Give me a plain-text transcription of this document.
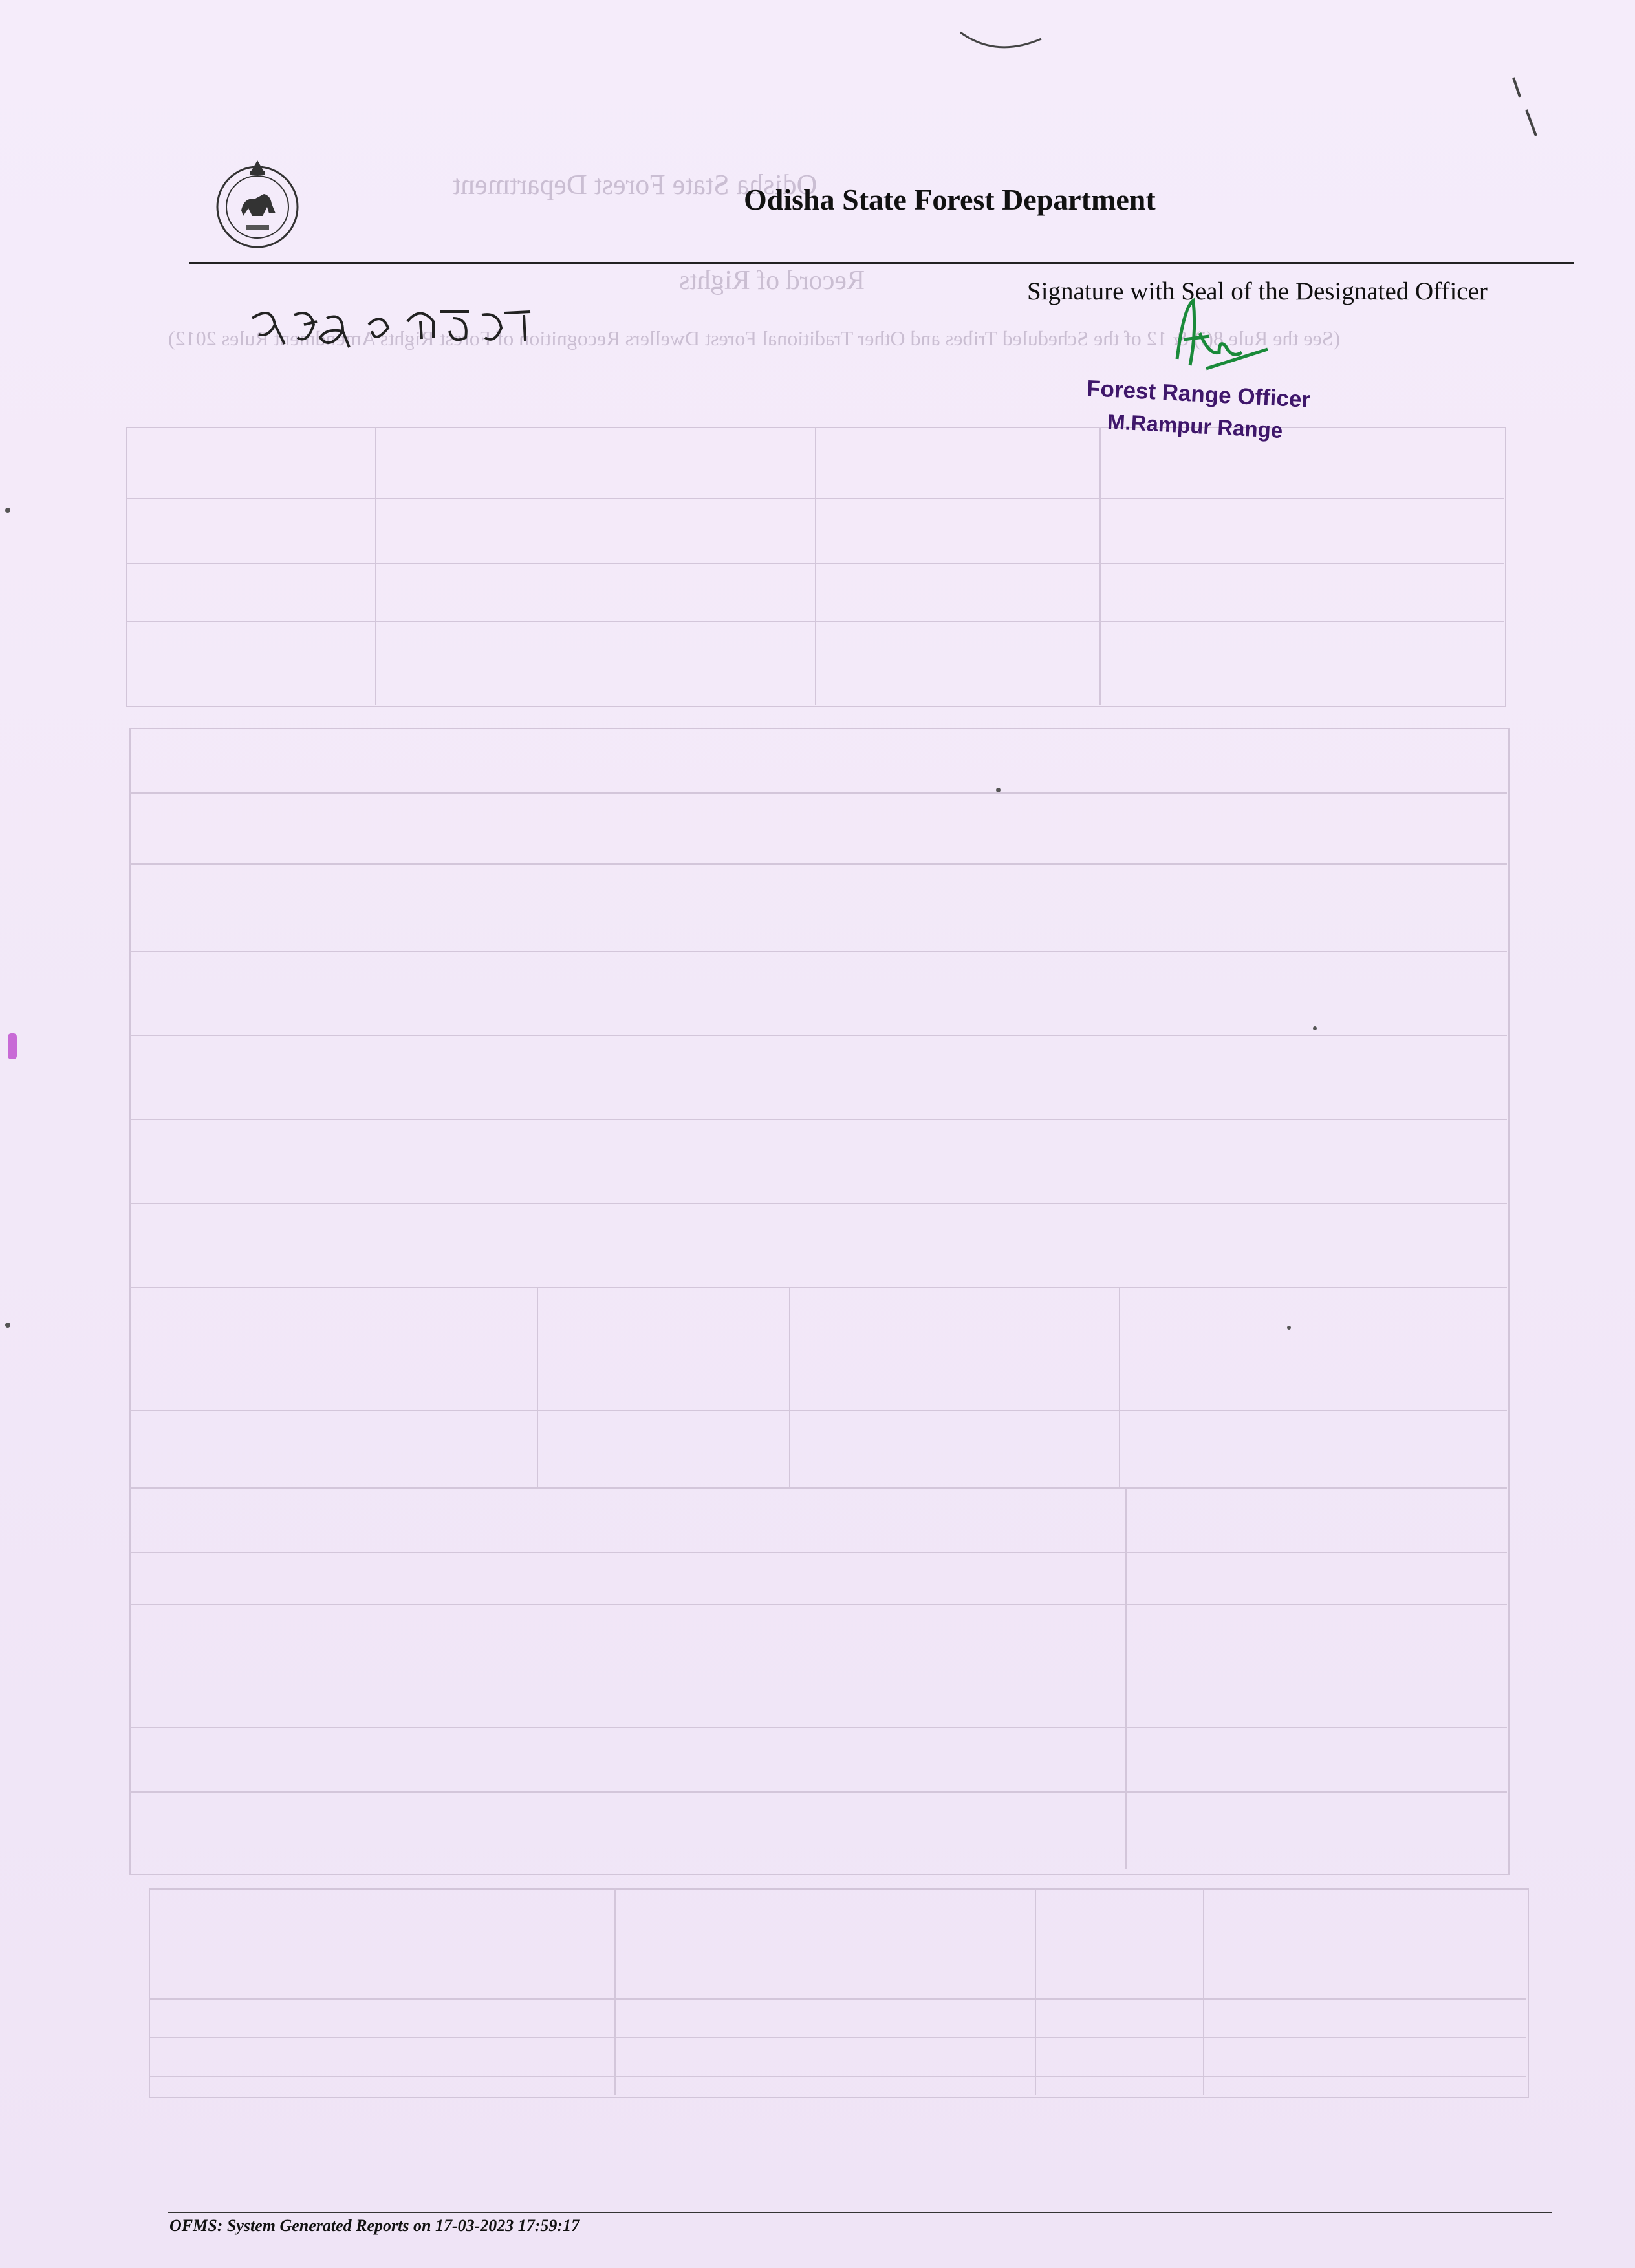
Odisha State Forest Department
Record of Rights
(See the Rule 8(i) & 12 of the Scheduled Tribes and Other Traditional Forest Dwellers Recognition of Forest Rights Amendment Rules 2012)
Odisha State Forest Department
Signature with Seal of the Designated Officer
Forest Range Officer
M.Rampur Range
OFMS: System Generated Reports on 17-03-2023 17:59:17
